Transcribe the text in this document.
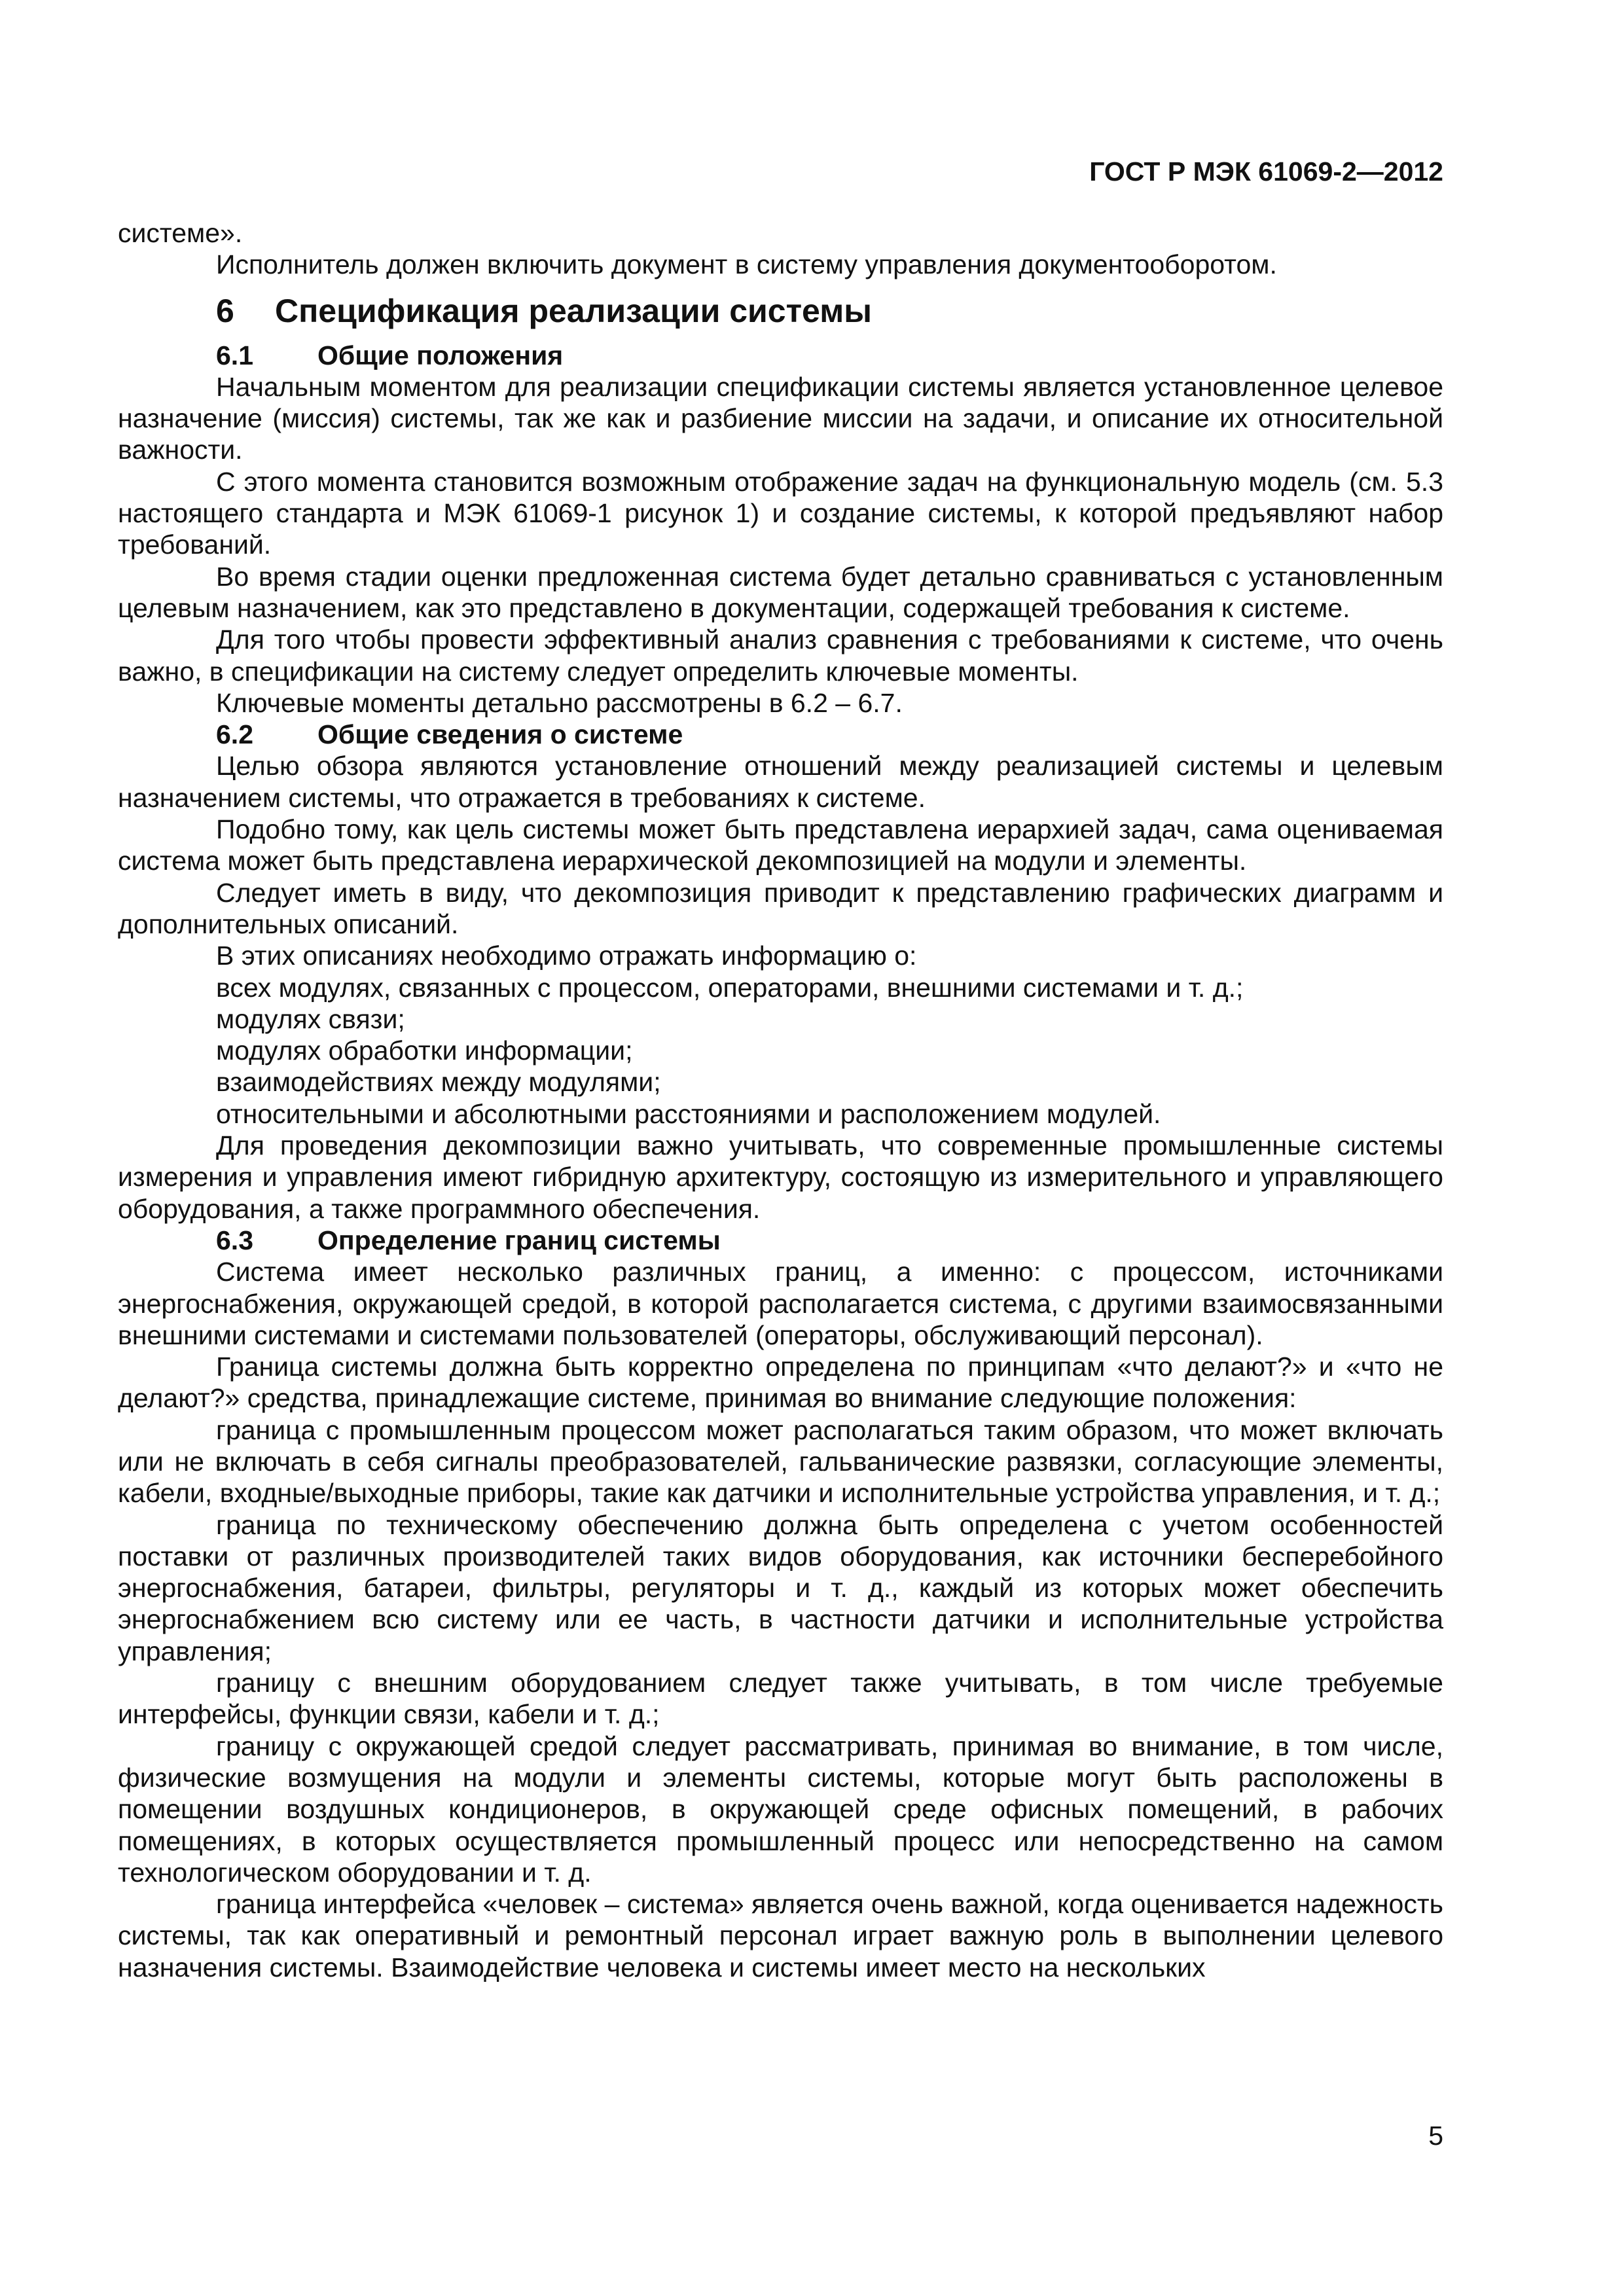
ГОСТ Р МЭК 61069-2—2012

системе».

Исполнитель должен включить документ в систему управления документооборотом.

6 Спецификация реализации системы
6.1 Общие положения

Начальным моментом для реализации спецификации системы является установленное целевое назначение (миссия) системы, так же как и разбиение миссии на задачи, и описание их относительной важности.

С этого момента становится возможным отображение задач на функциональную модель (см. 5.3 настоящего стандарта и МЭК 61069-1 рисунок 1) и создание системы, к которой предъявляют набор требований.

Во время стадии оценки предложенная система будет детально сравниваться с установленным целевым назначением, как это представлено в документации, содержащей требования к системе.

Для того чтобы провести эффективный анализ сравнения с требованиями к системе, что очень важно, в спецификации на систему следует определить ключевые моменты.

Ключевые моменты детально рассмотрены в 6.2 – 6.7.

6.2 Общие сведения о системе

Целью обзора являются установление отношений между реализацией системы и целевым назначением системы, что отражается в требованиях к системе.

Подобно тому, как цель системы может быть представлена иерархией задач, сама оцениваемая система может быть представлена иерархической декомпозицией на модули и элементы.

Следует иметь в виду, что декомпозиция приводит к представлению графических диаграмм и дополнительных описаний.

В этих описаниях необходимо отражать информацию о:

всех модулях, связанных с процессом, операторами, внешними системами и т. д.;

модулях связи;

модулях обработки информации;

взаимодействиях между модулями;

относительными и абсолютными расстояниями и расположением модулей.

Для проведения декомпозиции важно учитывать, что современные промышленные системы измерения и управления имеют гибридную архитектуру, состоящую из измерительного и управляющего оборудования, а также программного обеспечения.

6.3 Определение границ системы

Система имеет несколько различных границ, а именно: с процессом, источниками энергоснабжения, окружающей средой, в которой располагается система, с другими взаимосвязанными внешними системами и системами пользователей (операторы, обслуживающий персонал).

Граница системы должна быть корректно определена по принципам «что делают?» и «что не делают?» средства, принадлежащие системе, принимая во внимание следующие положения:

граница с промышленным процессом может располагаться таким образом, что может включать или не включать в себя сигналы преобразователей, гальванические развязки, согласующие элементы, кабели, входные/выходные приборы, такие как датчики и исполнительные устройства управления, и т. д.;

граница по техническому обеспечению должна быть определена с учетом особенностей поставки от различных производителей таких видов оборудования, как источники бесперебойного энергоснабжения, батареи, фильтры, регуляторы и т. д., каждый из которых может обеспечить энергоснабжением всю систему или ее часть, в частности датчики и исполнительные устройства управления;

границу с внешним оборудованием следует также учитывать, в том числе требуемые интерфейсы, функции связи, кабели и т. д.;

границу с окружающей средой следует рассматривать, принимая во внимание, в том числе, физические возмущения на модули и элементы системы, которые могут быть расположены в помещении воздушных кондиционеров, в окружающей среде офисных помещений, в рабочих помещениях, в которых осуществляется промышленный процесс или непосредственно на самом технологическом оборудовании и т. д.

граница интерфейса «человек – система» является очень важной, когда оценивается надежность системы, так как оперативный и ремонтный персонал играет важную роль в выполнении целевого назначения системы. Взаимодействие человека и системы имеет место на нескольких

5
